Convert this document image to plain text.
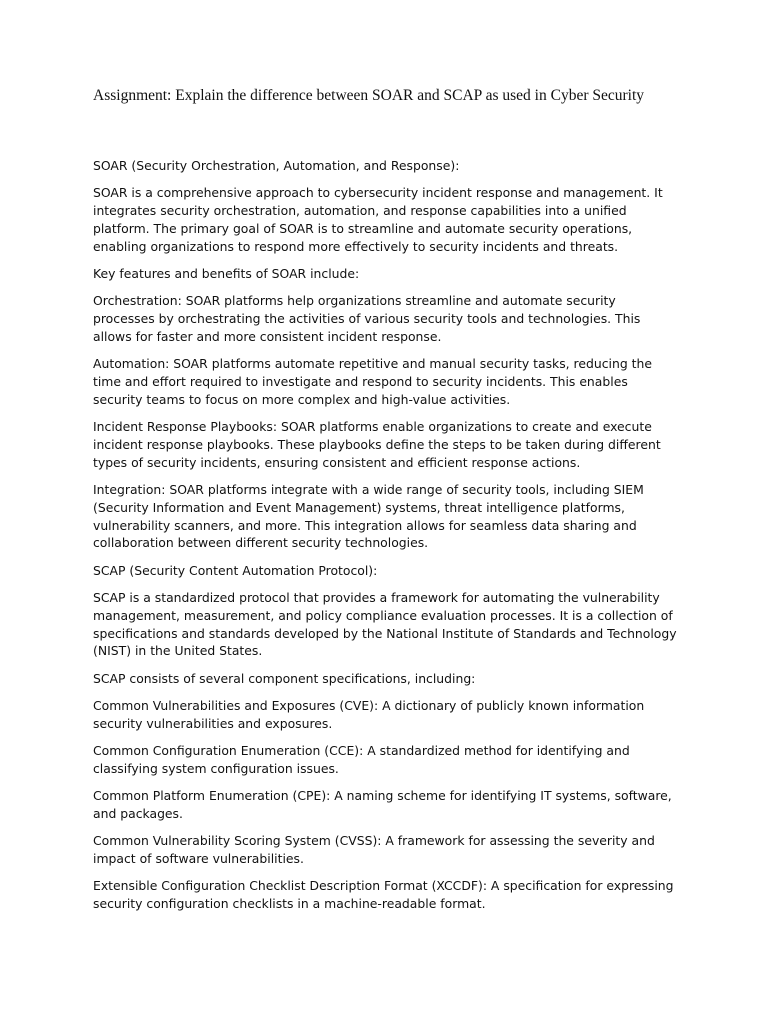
Assignment: Explain the difference between SOAR and SCAP as used in Cyber Security

SOAR (Security Orchestration, Automation, and Response):

SOAR is a comprehensive approach to cybersecurity incident response and management. It integrates security orchestration, automation, and response capabilities into a unified platform. The primary goal of SOAR is to streamline and automate security operations, enabling organizations to respond more effectively to security incidents and threats.

Key features and benefits of SOAR include:

Orchestration: SOAR platforms help organizations streamline and automate security processes by orchestrating the activities of various security tools and technologies. This allows for faster and more consistent incident response.

Automation: SOAR platforms automate repetitive and manual security tasks, reducing the time and effort required to investigate and respond to security incidents. This enables security teams to focus on more complex and high-value activities.

Incident Response Playbooks: SOAR platforms enable organizations to create and execute incident response playbooks. These playbooks define the steps to be taken during different types of security incidents, ensuring consistent and efficient response actions.

Integration: SOAR platforms integrate with a wide range of security tools, including SIEM (Security Information and Event Management) systems, threat intelligence platforms, vulnerability scanners, and more. This integration allows for seamless data sharing and collaboration between different security technologies.

SCAP (Security Content Automation Protocol):

SCAP is a standardized protocol that provides a framework for automating the vulnerability management, measurement, and policy compliance evaluation processes. It is a collection of specifications and standards developed by the National Institute of Standards and Technology (NIST) in the United States.

SCAP consists of several component specifications, including:

Common Vulnerabilities and Exposures (CVE): A dictionary of publicly known information security vulnerabilities and exposures.

Common Configuration Enumeration (CCE): A standardized method for identifying and classifying system configuration issues.

Common Platform Enumeration (CPE): A naming scheme for identifying IT systems, software, and packages.

Common Vulnerability Scoring System (CVSS): A framework for assessing the severity and impact of software vulnerabilities.

Extensible Configuration Checklist Description Format (XCCDF): A specification for expressing security configuration checklists in a machine-readable format.
